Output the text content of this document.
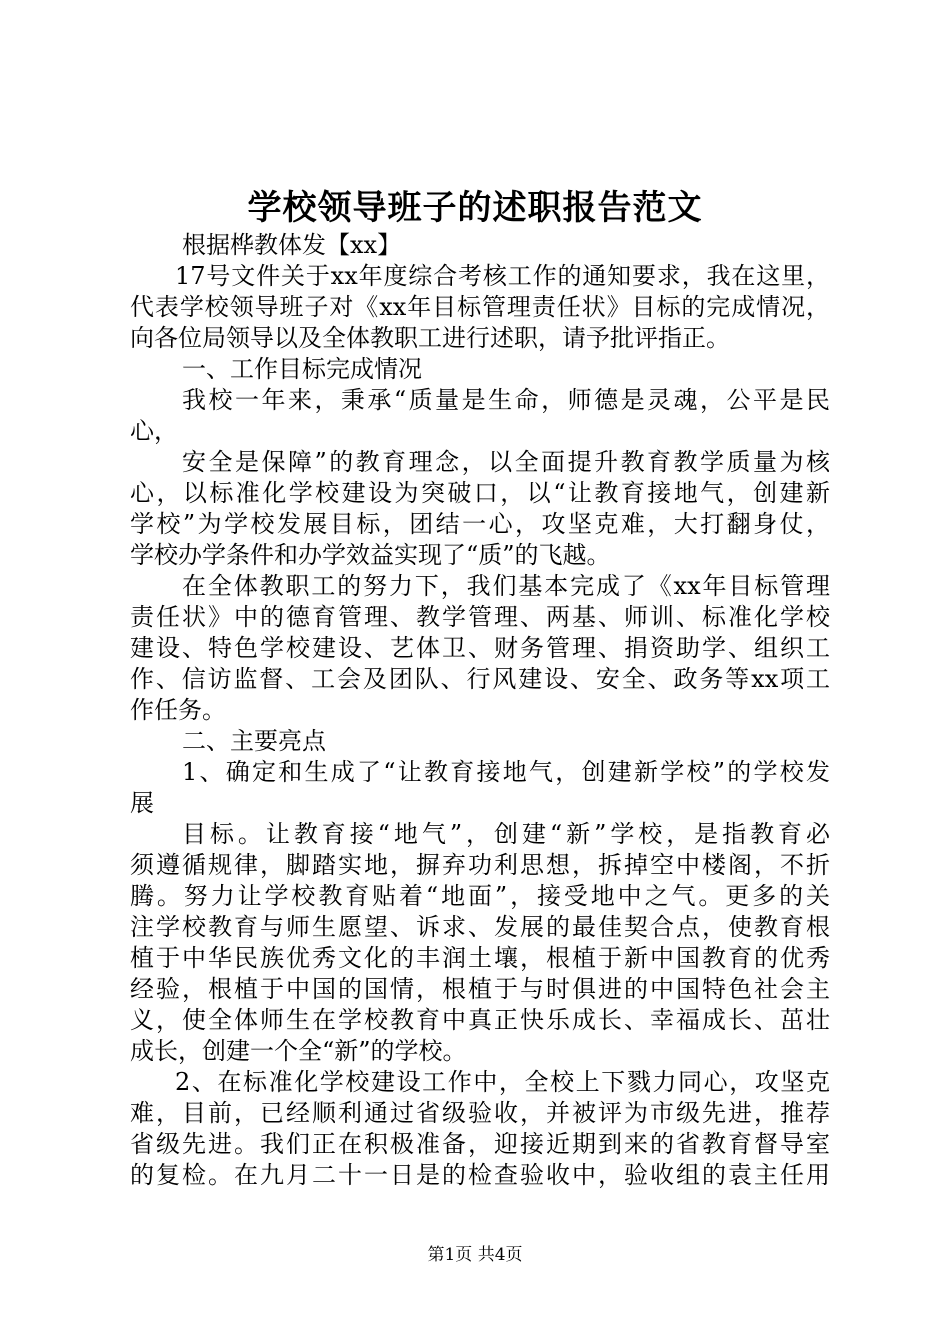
学校领导班子的述职报告范文
根据桦教体发【xx】
17号文件关于xx年度综合考核工作的通知要求，我在这里，
代表学校领导班子对《xx年目标管理责任状》目标的完成情况，
向各位局领导以及全体教职工进行述职，请予批评指正。
一、工作目标完成情况
我校一年来，秉承“质量是生命，师德是灵魂，公平是民
心，
安全是保障”的教育理念，以全面提升教育教学质量为核
心，以标准化学校建设为突破口，以“让教育接地气，创建新
学校”为学校发展目标，团结一心，攻坚克难，大打翻身仗，
学校办学条件和办学效益实现了“质”的飞越。
在全体教职工的努力下，我们基本完成了《xx年目标管理
责任状》中的德育管理、教学管理、两基、师训、标准化学校
建设、特色学校建设、艺体卫、财务管理、捐资助学、组织工
作、信访监督、工会及团队、行风建设、安全、政务等xx项工
作任务。
二、主要亮点
1、确定和生成了“让教育接地气，创建新学校”的学校发
展
目标。让教育接“地气”，创建“新”学校，是指教育必
须遵循规律，脚踏实地，摒弃功利思想，拆掉空中楼阁，不折
腾。努力让学校教育贴着“地面”，接受地中之气。更多的关
注学校教育与师生愿望、诉求、发展的最佳契合点，使教育根
植于中华民族优秀文化的丰润土壤，根植于新中国教育的优秀
经验，根植于中国的国情，根植于与时俱进的中国特色社会主
义，使全体师生在学校教育中真正快乐成长、幸福成长、茁壮
成长，创建一个全“新”的学校。
2、在标准化学校建设工作中，全校上下戮力同心，攻坚克
难，目前，已经顺利通过省级验收，并被评为市级先进，推荐
省级先进。我们正在积极准备，迎接近期到来的省教育督导室
的复检。在九月二十一日是的检查验收中，验收组的袁主任用
第1页 共4页
